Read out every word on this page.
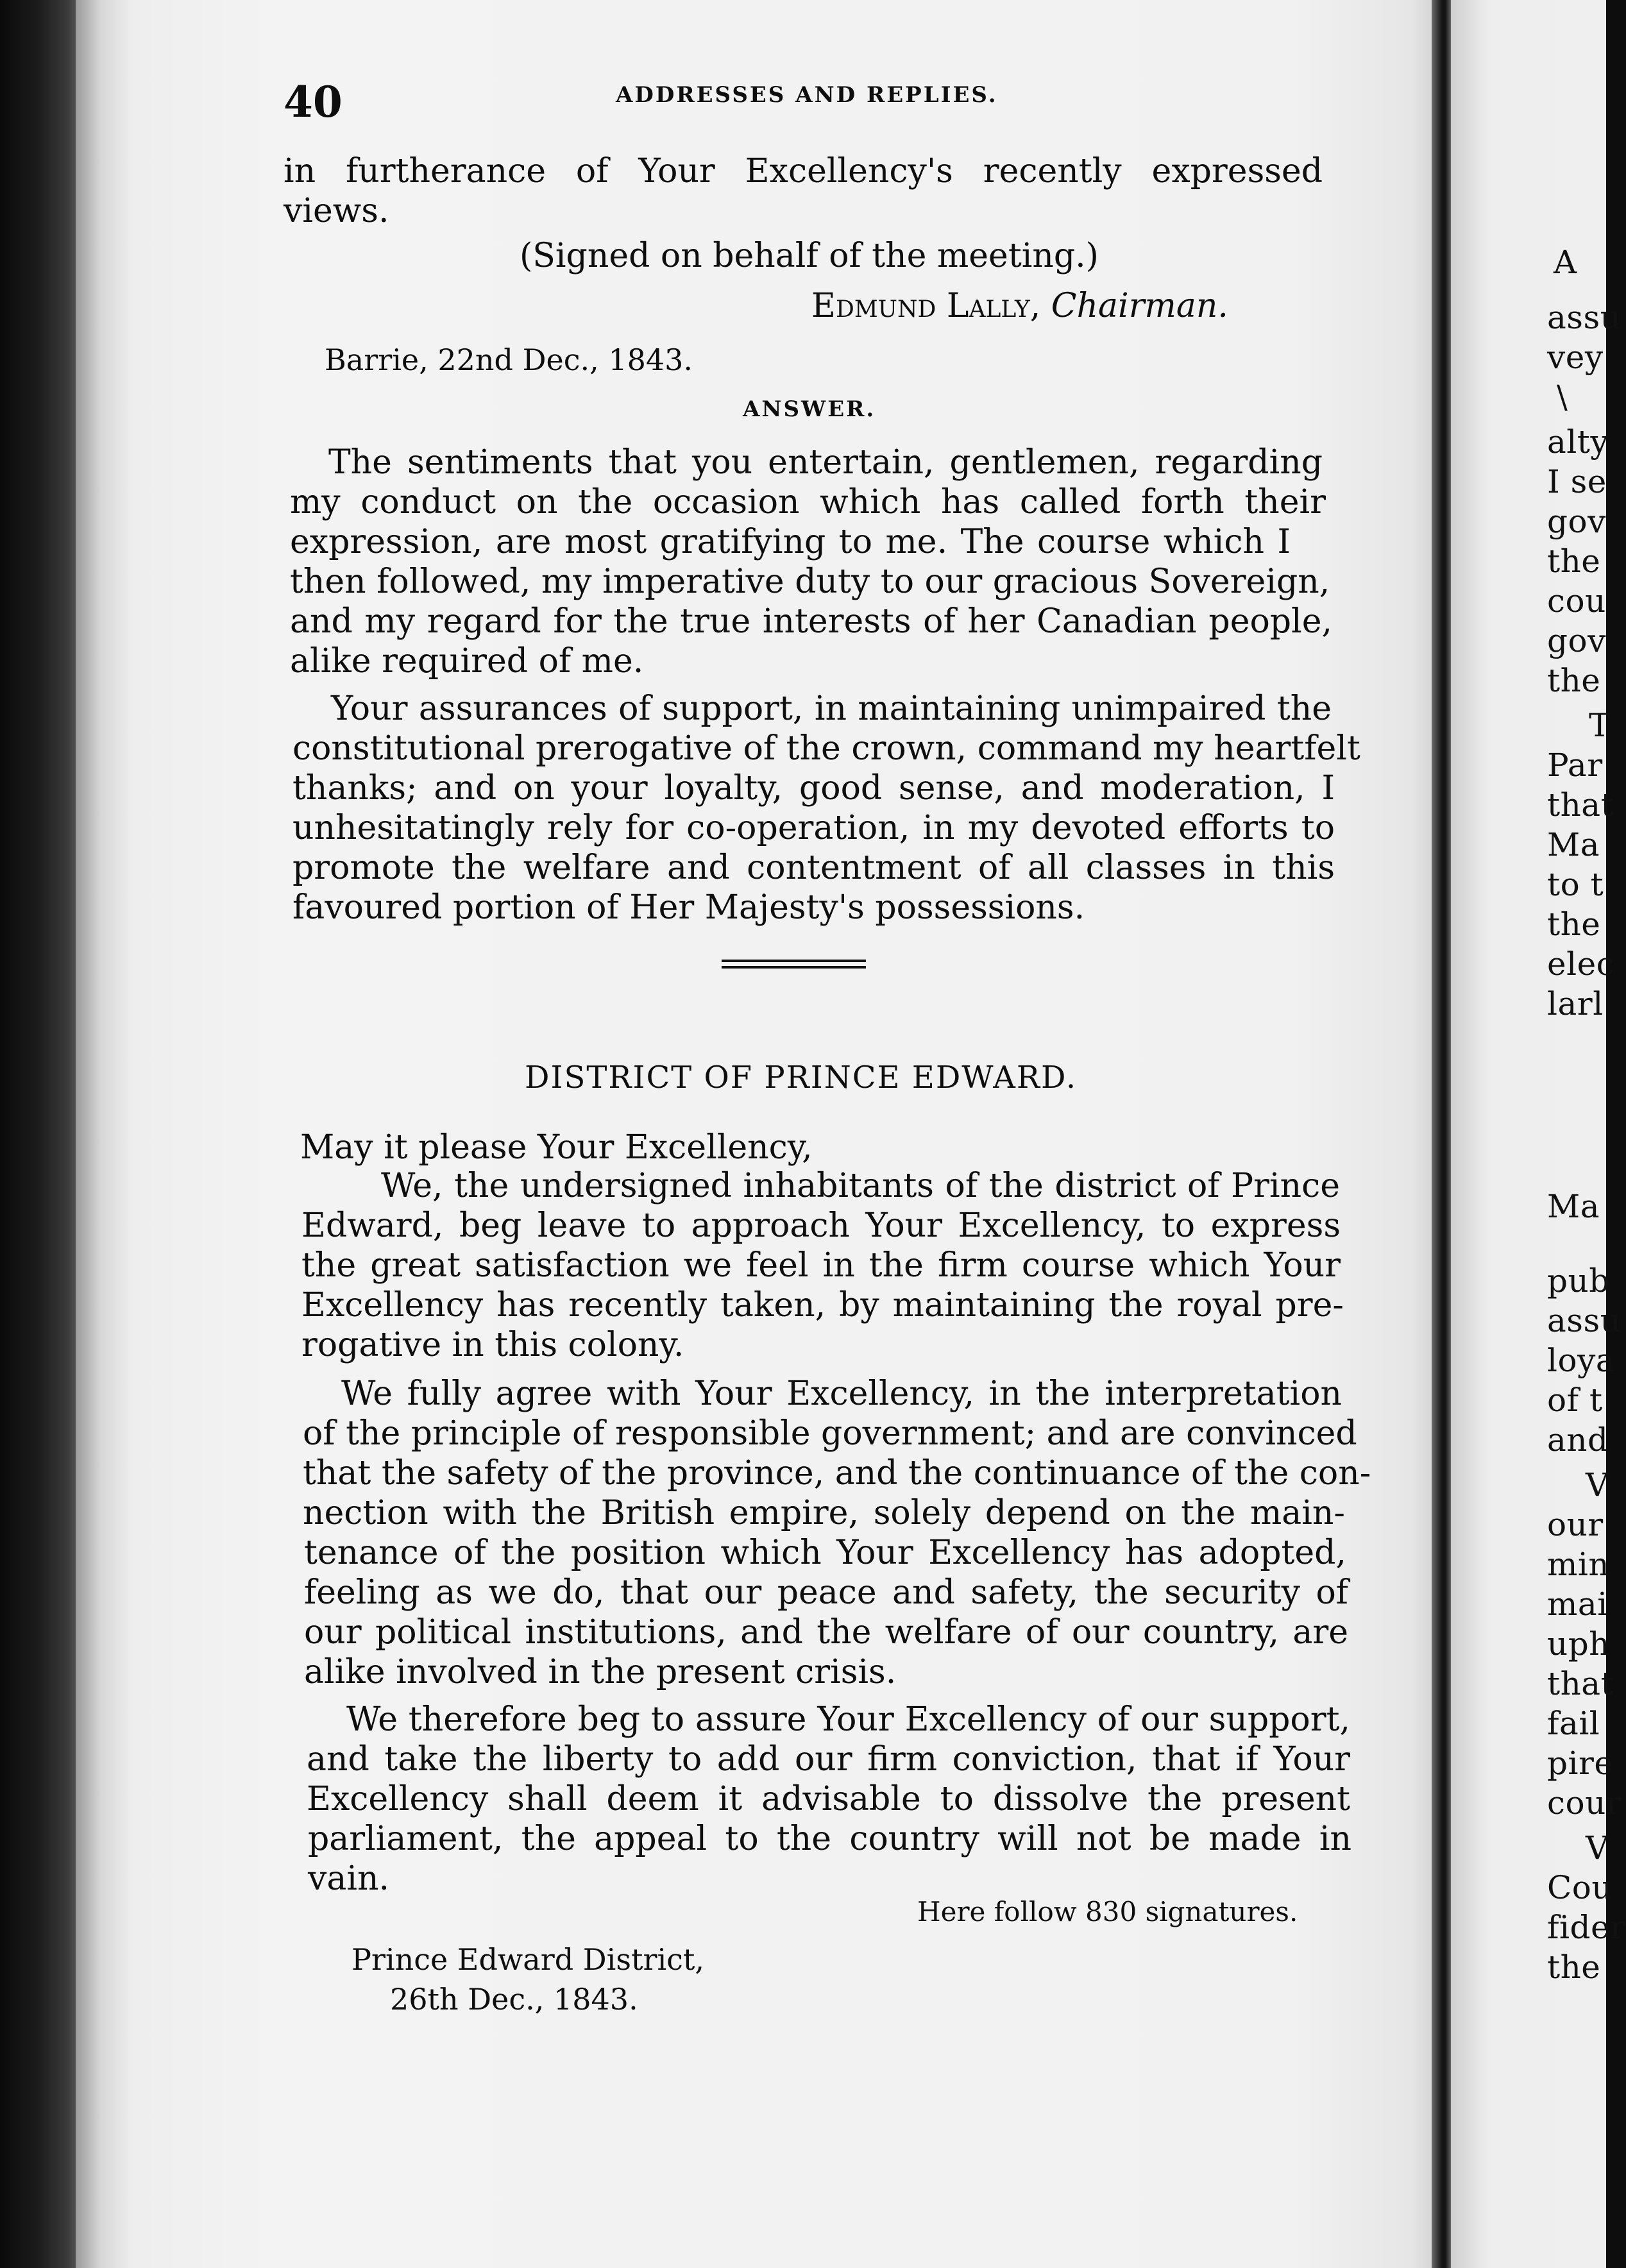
40	ADDRESSES AND REPLIES.
in furtherance of Your Excellency's recently expressed
views.
(Signed on behalf of the meeting.)
Edmund Lally, Chairman.
Barrie, 22nd Dec., 1843.
ANSWER.
The sentiments that you entertain, gentlemen, regarding
my conduct on the occasion which has called forth their
expression, are most gratifying to me. The course which I
then followed, my imperative duty to our gracious Sovereign,
and my regard for the true interests of her Canadian people,
alike required of me.
Your assurances of support, in maintaining unimpaired the
constitutional prerogative of the crown, command my heartfelt
thanks; and on your loyalty, good sense, and moderation, I
unhesitatingly rely for co-operation, in my devoted efforts to
promote the welfare and contentment of all classes in this
favoured portion of Her Majesty's possessions.
DISTRICT OF PRINCE EDWARD.
May it please Your Excellency,
We, the undersigned inhabitants of the district of Prince
Edward, beg leave to approach Your Excellency, to express
the great satisfaction we feel in the firm course which Your
Excellency has recently taken, by maintaining the royal pre-
rogative in this colony.
We fully agree with Your Excellency, in the interpretation
of the principle of responsible government; and are convinced
that the safety of the province, and the continuance of the con-
nection with the British empire, solely depend on the main-
tenance of the position which Your Excellency has adopted,
feeling as we do, that our peace and safety, the security of
our political institutions, and the welfare of our country, are
alike involved in the present crisis.
We therefore beg to assure Your Excellency of our support,
and take the liberty to add our firm conviction, that if Your
Excellency shall deem it advisable to dissolve the present
parliament, the appeal to the country will not be made in
vain.
Here follow 830 signatures.
Prince Edward District,
26th Dec., 1843.
A
assu
vey
\
alty
I se
gov
the
cou
gov
the
T
Par
that
Ma
to t
the
elec
larl
Ma
pub
assu
loya
of t
and
V
our
min
mai
uph
that
fail
pire
cour
V
Cou
fider
the
